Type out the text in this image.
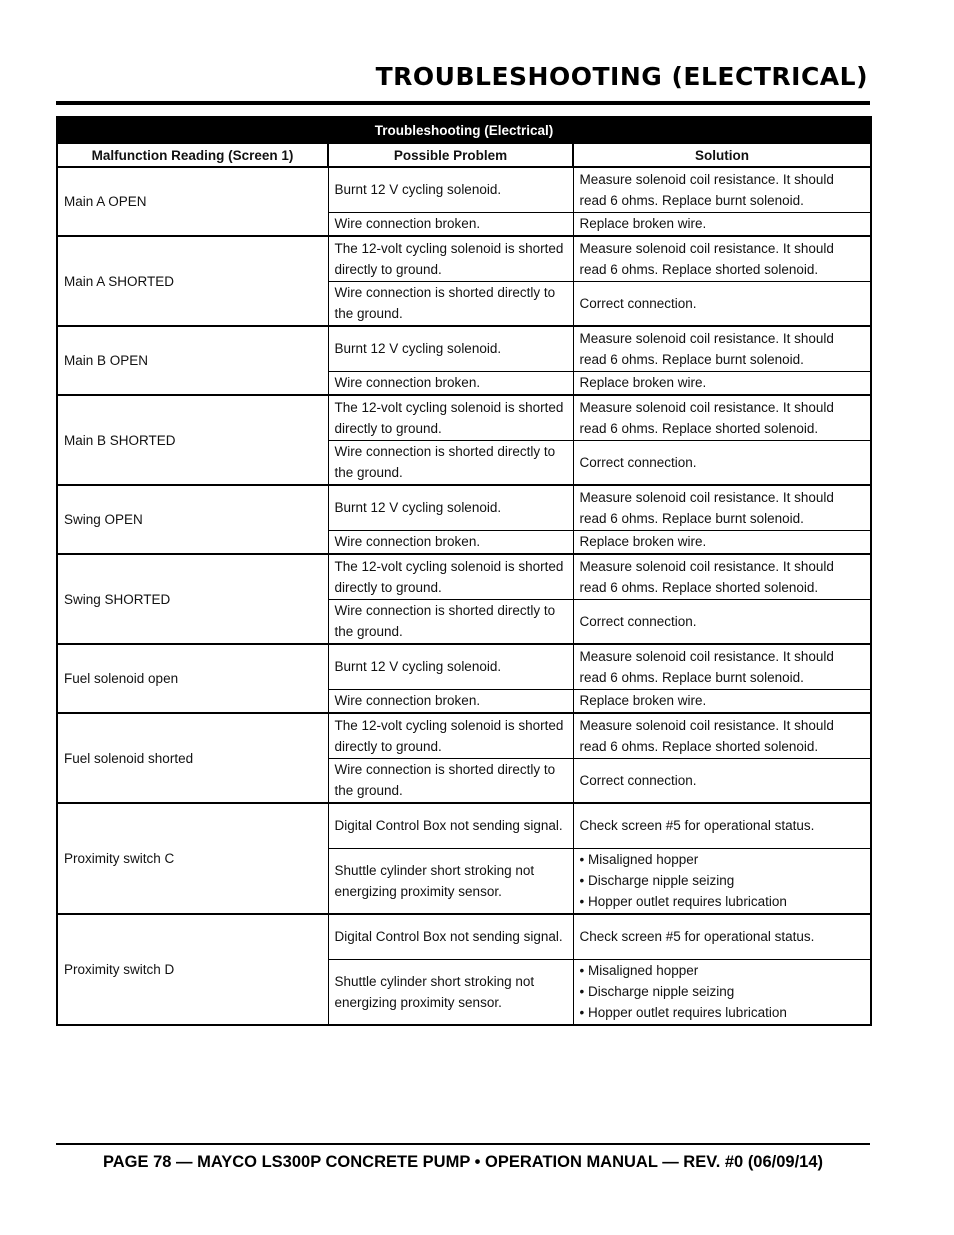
TROUBLESHOOTING (ELECTRICAL)
Troubleshooting (Electrical)		
Malfunction Reading (Screen 1)	Possible Problem	Solution
Main A OPEN	Burnt 12 V cycling solenoid.	Measure solenoid coil resistance. It should read 6 ohms. Replace burnt solenoid.

	Wire connection broken.	Replace broken wire.

Main A SHORTED	The 12-volt cycling solenoid is shorted directly to ground.	Measure solenoid coil resistance. It should read 6 ohms. Replace shorted solenoid.

	Wire connection is shorted directly to the ground.	Correct connection.

Main B OPEN	Burnt 12 V cycling solenoid.	Measure solenoid coil resistance. It should read 6 ohms. Replace burnt solenoid.

	Wire connection broken.	Replace broken wire.

Main B SHORTED	The 12-volt cycling solenoid is shorted directly to ground.	Measure solenoid coil resistance. It should read 6 ohms. Replace shorted solenoid.

	Wire connection is shorted directly to the ground.	Correct connection.

Swing OPEN	Burnt 12 V cycling solenoid.	Measure solenoid coil resistance. It should read 6 ohms. Replace burnt solenoid.

	Wire connection broken.	Replace broken wire.

Swing SHORTED	The 12-volt cycling solenoid is shorted directly to ground.	Measure solenoid coil resistance. It should read 6 ohms. Replace shorted solenoid.

	Wire connection is shorted directly to the ground.	Correct connection.

Fuel solenoid open	Burnt 12 V cycling solenoid.	Measure solenoid coil resistance. It should read 6 ohms. Replace burnt solenoid.

	Wire connection broken.	Replace broken wire.

Fuel solenoid shorted	The 12-volt cycling solenoid is shorted directly to ground.	Measure solenoid coil resistance. It should read 6 ohms. Replace shorted solenoid.

	Wire connection is shorted directly to the ground.	Correct connection.

Proximity switch C	Digital Control Box not sending signal.	Check screen #5 for operational status.

	Shuttle cylinder short stroking not energizing proximity sensor.	• Misaligned hopper
• Discharge nipple seizing
• Hopper outlet requires lubrication

Proximity switch D	Digital Control Box not sending signal.	Check screen #5 for operational status.

	Shuttle cylinder short stroking not energizing proximity sensor.	• Misaligned hopper
• Discharge nipple seizing
• Hopper outlet requires lubrication

PAGE 78 — MAYCO LS300P CONCRETE PUMP • OPERATION MANUAL — REV. #0 (06/09/14)
